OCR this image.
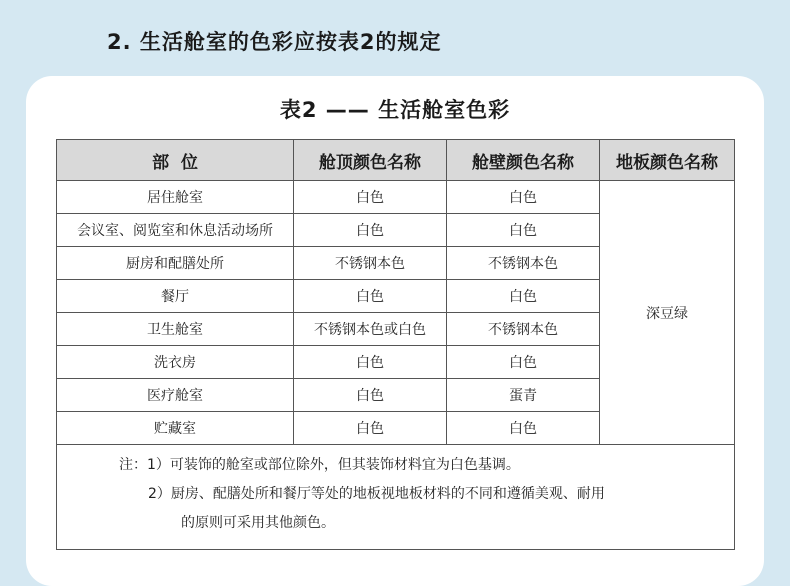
2. 生活舱室的色彩应按表2的规定
表2 —— 生活舱室色彩
部  位	舱顶颜色名称	舱壁颜色名称	地板颜色名称
居住舱室	白色	白色	深豆绿
会议室、阅览室和休息活动场所	白色	白色	
厨房和配膳处所	不锈钢本色	不锈钢本色	
餐厅	白色	白色	
卫生舱室	不锈钢本色或白色	不锈钢本色	
洗衣房	白色	白色	
医疗舱室	白色	蛋青	
贮藏室	白色	白色	

注：1）可装饰的舱室或部位除外，但其装饰材料宜为白色基调。
2）厨房、配膳处所和餐厅等处的地板视地板材料的不同和遵循美观、耐用
的原则可采用其他颜色。			
